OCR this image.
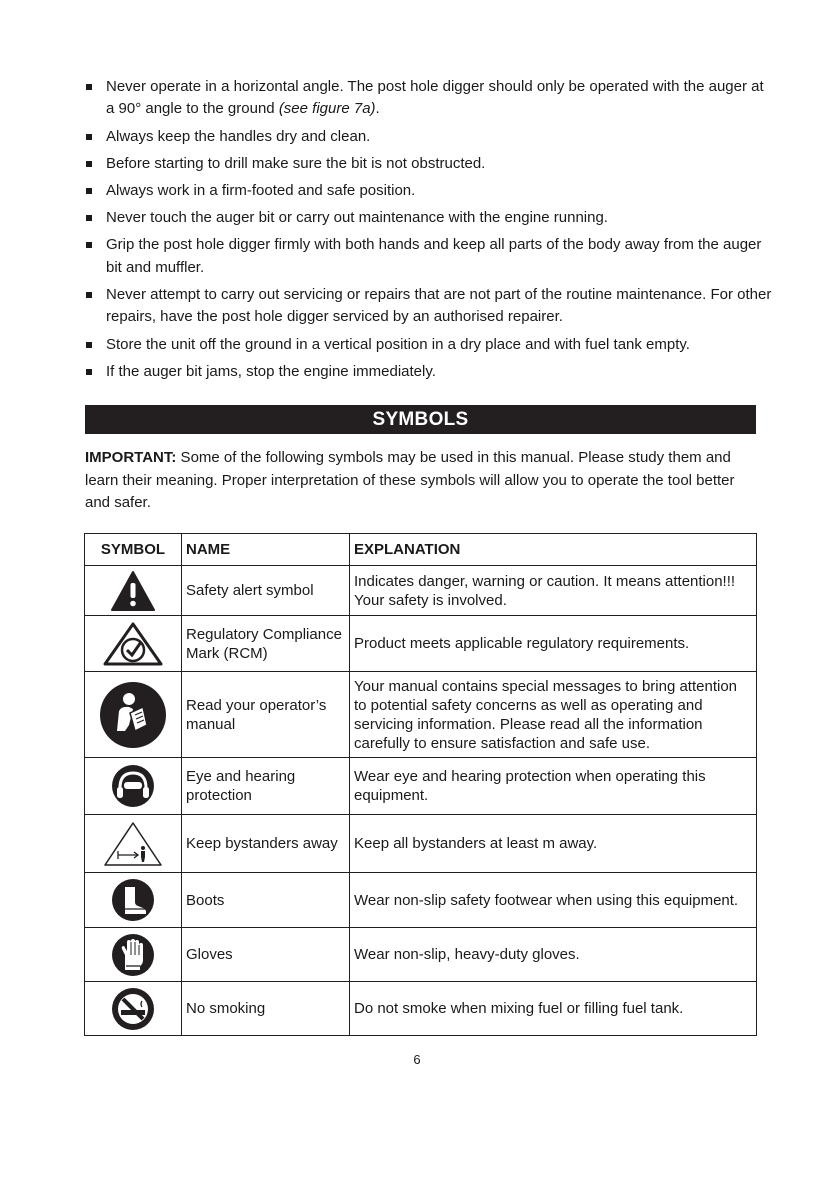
Never operate in a horizontal angle. The post hole digger should only be operated with the auger at a 90° angle to the ground (see figure 7a).
Always keep the handles dry and clean.
Before starting to drill make sure the bit is not obstructed.
Always work in a firm-footed and safe position.
Never touch the auger bit or carry out maintenance with the engine running.
Grip the post hole digger firmly with both hands and keep all parts of the body away from the auger bit and muffler.
Never attempt to carry out servicing or repairs that are not part of the routine maintenance. For other repairs, have the post hole digger serviced by an authorised repairer.
Store the unit off the ground in a vertical position in a dry place and with fuel tank empty.
If the auger bit jams, stop the engine immediately.
SYMBOLS
IMPORTANT: Some of the following symbols may be used in this manual. Please study them and learn their meaning. Proper interpretation of these symbols will allow you to operate the tool better and safer.
SYMBOL	NAME	EXPLANATION

	Safety alert symbol	Indicates danger, warning or caution. It means attention!!! Your safety is involved.

	Regulatory Compliance Mark (RCM)	Product meets applicable regulatory requirements.

	Read your operator’s manual	Your manual contains special messages to bring attention to potential safety concerns as well as operating and servicing information. Please read all the information carefully to ensure satisfaction and safe use.

	Eye and hearing protection	Wear eye and hearing protection when operating this equipment.

	Keep bystanders away	Keep all bystanders at least m away.

	Boots	Wear non-slip safety footwear when using this equipment.

	Gloves	Wear non-slip, heavy-duty gloves.

	No smoking	Do not smoke when mixing fuel or filling fuel tank.
6
